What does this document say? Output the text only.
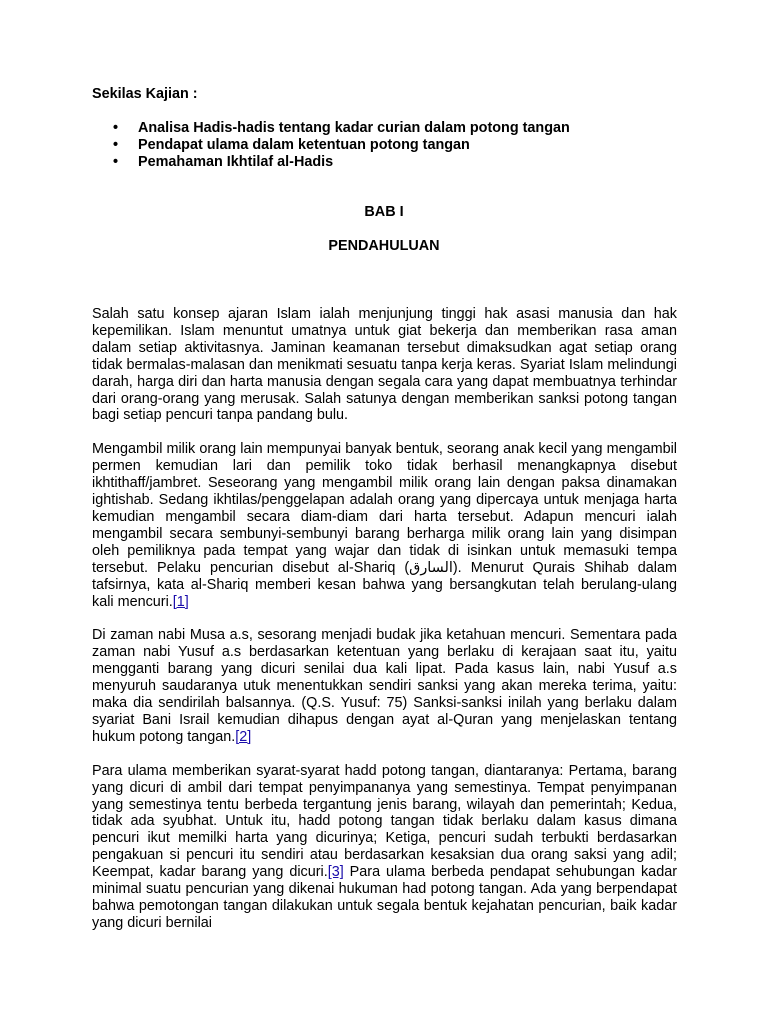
Sekilas Kajian :

• Analisa Hadis-hadis tentang kadar curian dalam potong tangan
• Pendapat ulama dalam ketentuan potong tangan
• Pemahaman Ikhtilaf al-Hadis

BAB I

PENDAHULUAN

Salah satu konsep ajaran Islam ialah menjunjung tinggi hak asasi manusia dan hak kepemilikan. Islam menuntut umatnya untuk giat bekerja dan memberikan rasa aman dalam setiap aktivitasnya. Jaminan keamanan tersebut dimaksudkan agat setiap orang tidak bermalas-malasan dan menikmati sesuatu tanpa kerja keras. Syariat Islam melindungi darah, harga diri dan harta manusia dengan segala cara yang dapat membuatnya terhindar dari orang-orang yang merusak. Salah satunya dengan memberikan sanksi potong tangan bagi setiap pencuri tanpa pandang bulu.

Mengambil milik orang lain mempunyai banyak bentuk, seorang anak kecil yang mengambil permen kemudian lari dan pemilik toko tidak berhasil menangkapnya disebut ikhtithaff/jambret. Seseorang yang mengambil milik orang lain dengan paksa dinamakan ightishab. Sedang ikhtilas/penggelapan adalah orang yang dipercaya untuk menjaga harta kemudian mengambil secara diam-diam dari harta tersebut. Adapun mencuri ialah mengambil secara sembunyi-sembunyi barang berharga milik orang lain yang disimpan oleh pemiliknya pada tempat yang wajar dan tidak di isinkan untuk memasuki tempa tersebut. Pelaku pencurian disebut al-Shariq (السارق). Menurut Qurais Shihab dalam tafsirnya, kata al-Shariq memberi kesan bahwa yang bersangkutan telah berulang-ulang kali mencuri.[1]

Di zaman nabi Musa a.s, sesorang menjadi budak jika ketahuan mencuri. Sementara pada zaman nabi Yusuf a.s berdasarkan ketentuan yang berlaku di kerajaan saat itu, yaitu mengganti barang yang dicuri senilai dua kali lipat. Pada kasus lain, nabi Yusuf a.s menyuruh saudaranya utuk menentukkan sendiri sanksi yang akan mereka terima, yaitu: maka dia sendirilah balsannya. (Q.S. Yusuf: 75) Sanksi-sanksi inilah yang berlaku dalam syariat Bani Israil kemudian dihapus dengan ayat al-Quran yang menjelaskan tentang hukum potong tangan.[2]

Para ulama memberikan syarat-syarat hadd potong tangan, diantaranya: Pertama, barang yang dicuri di ambil dari tempat penyimpananya yang semestinya. Tempat penyimpanan yang semestinya tentu berbeda tergantung jenis barang, wilayah dan pemerintah; Kedua, tidak ada syubhat. Untuk itu, hadd potong tangan tidak berlaku dalam kasus dimana pencuri ikut memilki harta yang dicurinya; Ketiga, pencuri sudah terbukti berdasarkan pengakuan si pencuri itu sendiri atau berdasarkan kesaksian dua orang saksi yang adil; Keempat, kadar barang yang dicuri.[3] Para ulama berbeda pendapat sehubungan kadar minimal suatu pencurian yang dikenai hukuman had potong tangan. Ada yang berpendapat bahwa pemotongan tangan dilakukan untuk segala bentuk kejahatan pencurian, baik kadar yang dicuri bernilai
